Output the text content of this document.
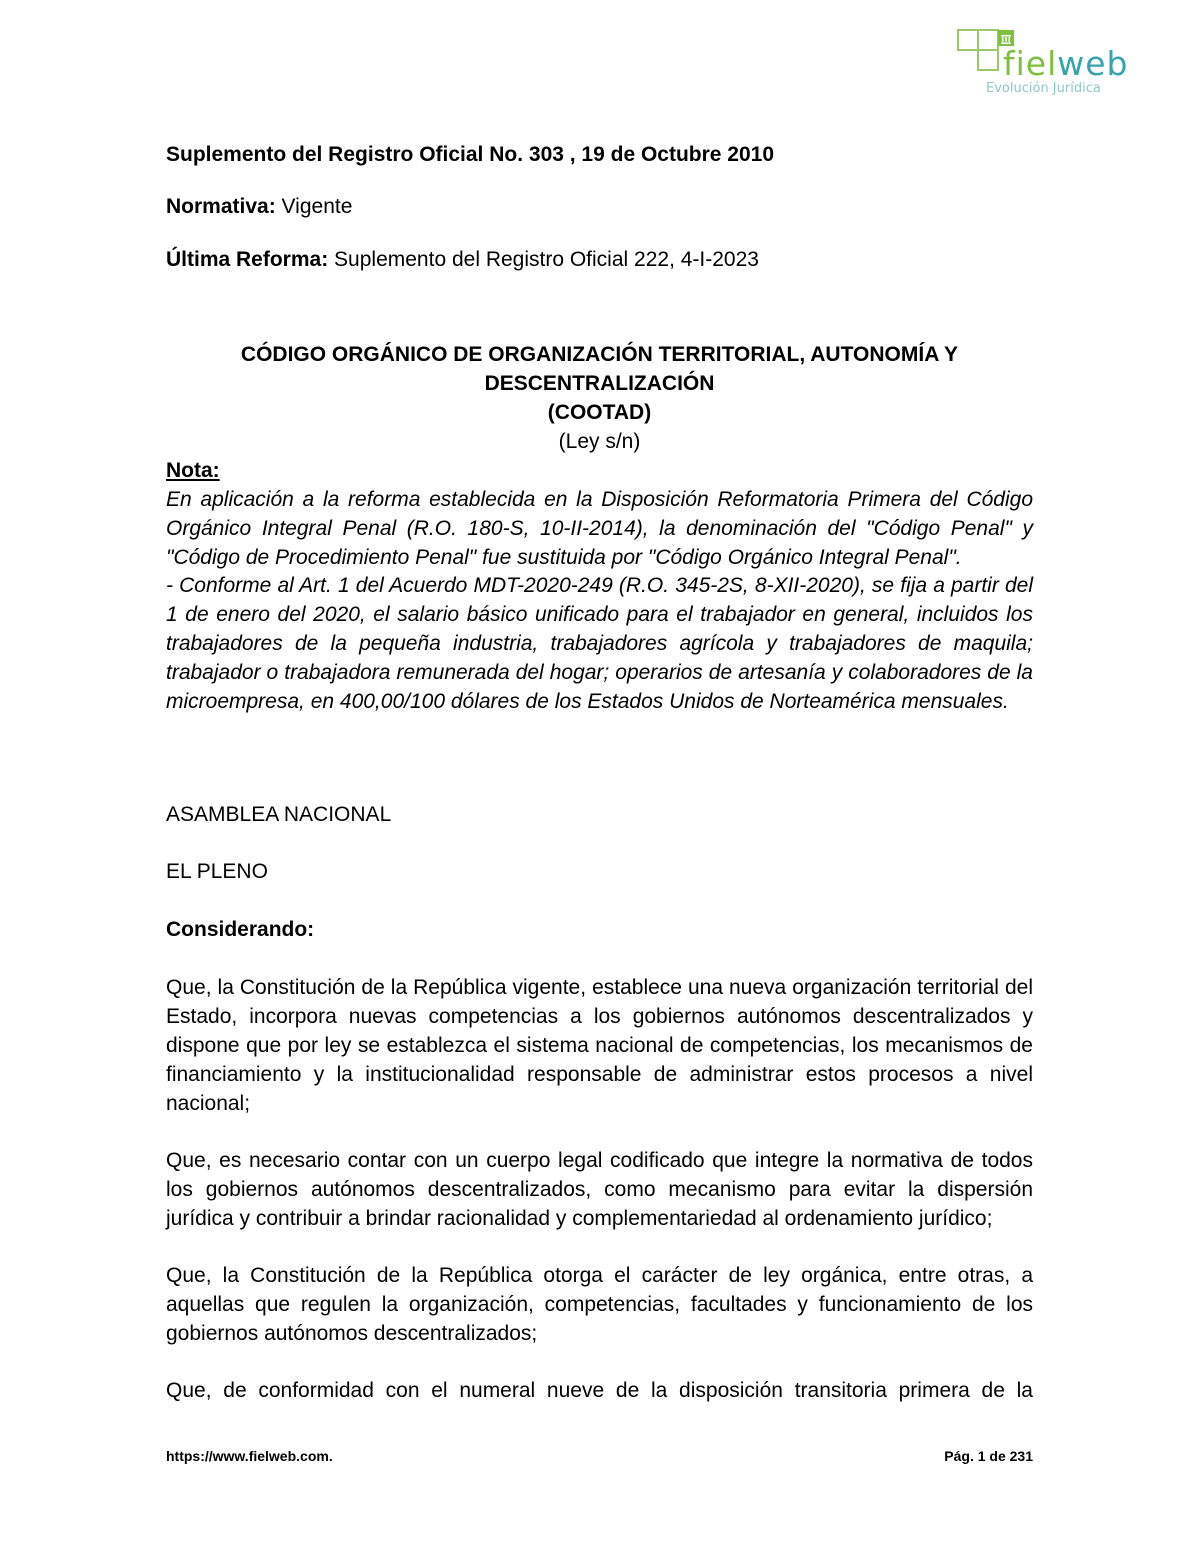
fielweb
Evolución Jurídica
Suplemento del Registro Oficial No. 303 , 19 de Octubre 2010
Normativa: Vigente
Última Reforma: Suplemento del Registro Oficial 222, 4-I-2023
CÓDIGO ORGÁNICO DE ORGANIZACIÓN TERRITORIAL, AUTONOMÍA Y
DESCENTRALIZACIÓN
(COOTAD)
(Ley s/n)
Nota:
En aplicación a la reforma establecida en la Disposición Reformatoria Primera del Código Orgánico Integral Penal (R.O. 180-S, 10-II-2014), la denominación del "Código Penal" y "Código de Procedimiento Penal" fue sustituida por "Código Orgánico Integral Penal".
- Conforme al Art. 1 del Acuerdo MDT-2020-249 (R.O. 345-2S, 8-XII-2020), se fija a partir del 1 de enero del 2020, el salario básico unificado para el trabajador en general, incluidos los trabajadores de la pequeña industria, trabajadores agrícola y trabajadores de maquila; trabajador o trabajadora remunerada del hogar; operarios de artesanía y colaboradores de la microempresa, en 400,00/100 dólares de los Estados Unidos de Norteamérica mensuales.
ASAMBLEA NACIONAL
EL PLENO
Considerando:
Que, la Constitución de la República vigente, establece una nueva organización territorial del Estado, incorpora nuevas competencias a los gobiernos autónomos descentralizados y dispone que por ley se establezca el sistema nacional de competencias, los mecanismos de financiamiento y la institucionalidad responsable de administrar estos procesos a nivel nacional;
Que, es necesario contar con un cuerpo legal codificado que integre la normativa de todos los gobiernos autónomos descentralizados, como mecanismo para evitar la dispersión jurídica y contribuir a brindar racionalidad y complementariedad al ordenamiento jurídico;
Que, la Constitución de la República otorga el carácter de ley orgánica, entre otras, a aquellas que regulen la organización, competencias, facultades y funcionamiento de los gobiernos autónomos descentralizados;
Que, de conformidad con el numeral nueve de la disposición transitoria primera de la
https://www.fielweb.com.	Pág. 1 de 231
